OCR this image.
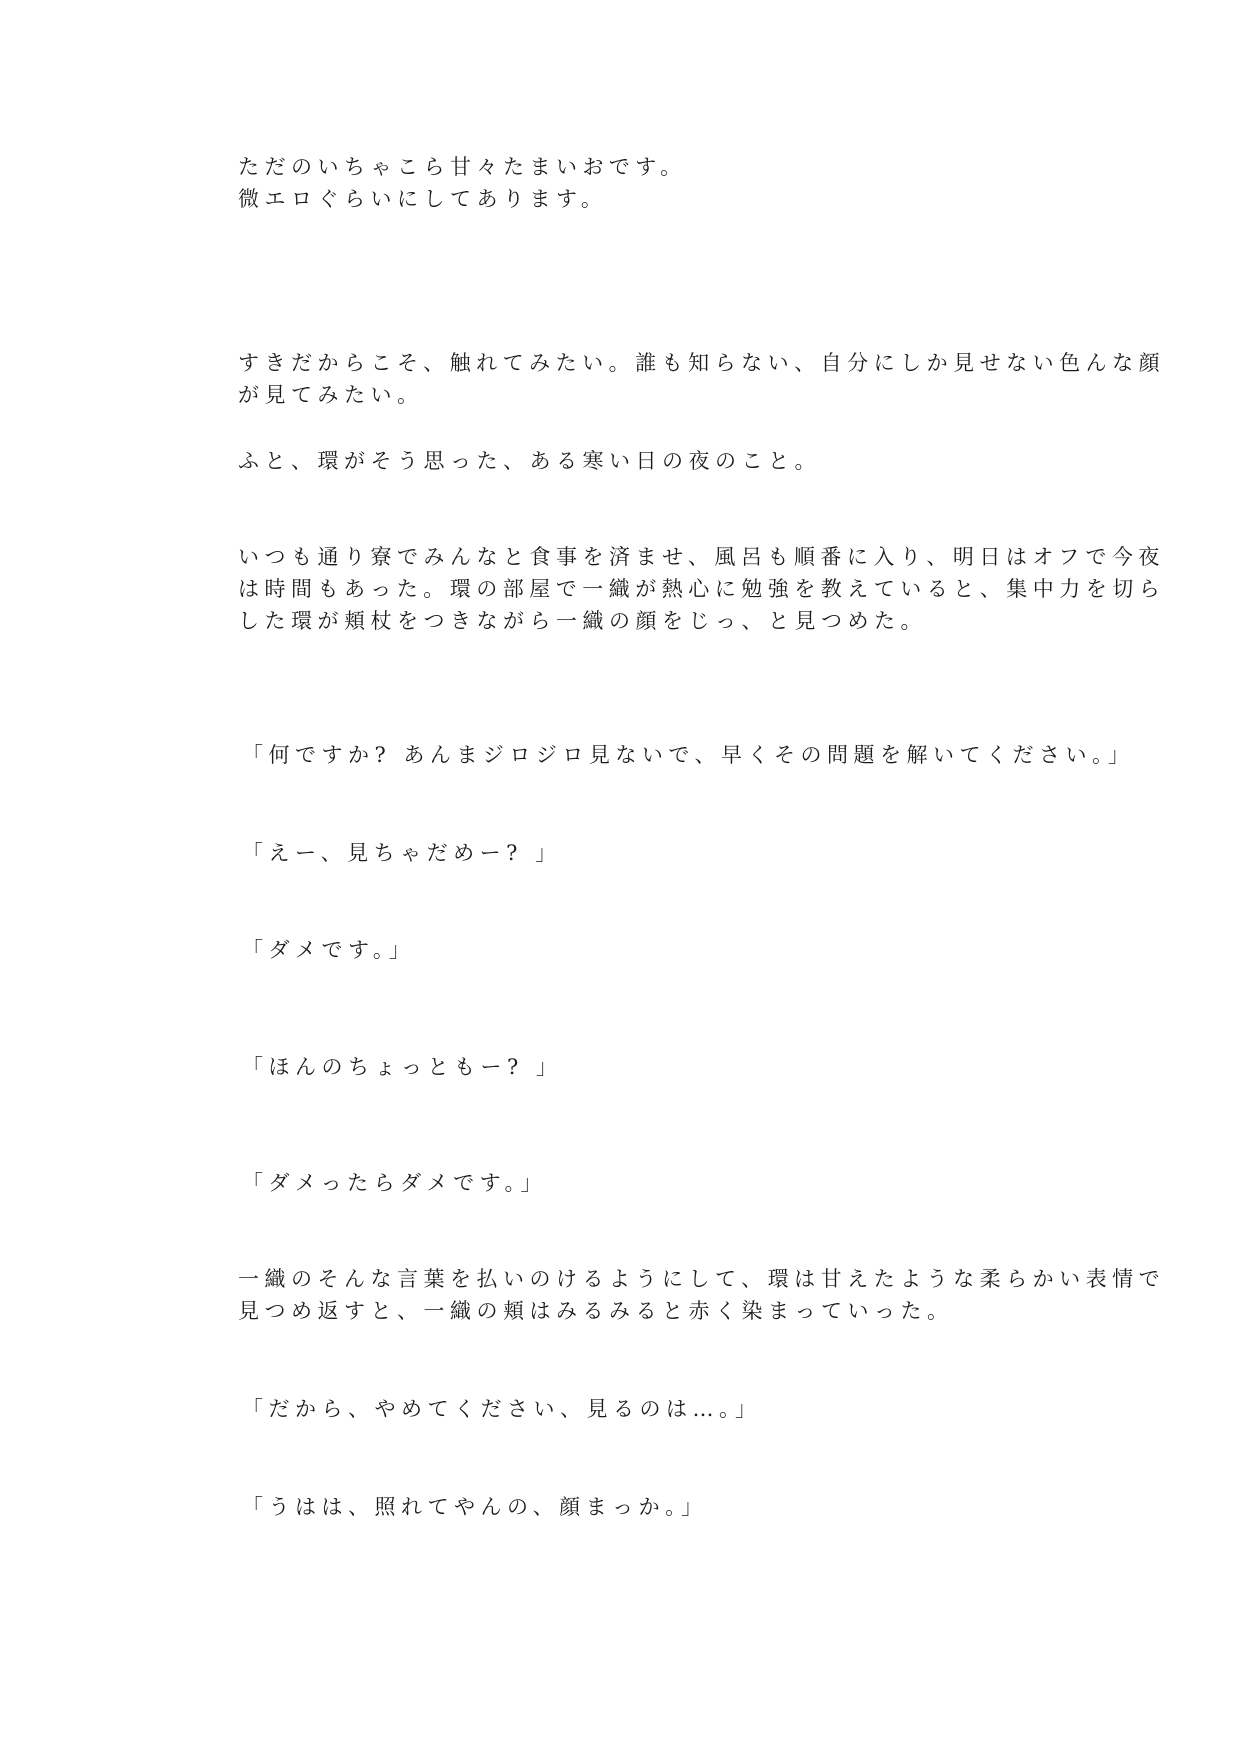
ただのいちゃこら甘々たまいおです。

微エロぐらいにしてあります。

すきだからこそ、触れてみたい。誰も知らない、自分にしか見せない色んな顔

が見てみたい。

ふと、環がそう思った、ある寒い日の夜のこと。

いつも通り寮でみんなと食事を済ませ、風呂も順番に入り、明日はオフで今夜

は時間もあった。環の部屋で一織が熱心に勉強を教えていると、集中力を切ら

した環が頬杖をつきながら一織の顔をじっ、と見つめた。

「何ですか? あんまジロジロ見ないで、早くその問題を解いてください。」

「えー、見ちゃだめー? 」

「ダメです。」

「ほんのちょっともー? 」

「ダメったらダメです。」

一織のそんな言葉を払いのけるようにして、環は甘えたような柔らかい表情で

見つめ返すと、一織の頬はみるみると赤く染まっていった。

「だから、やめてください、見るのは…。」

「うはは、照れてやんの、顔まっか。」
